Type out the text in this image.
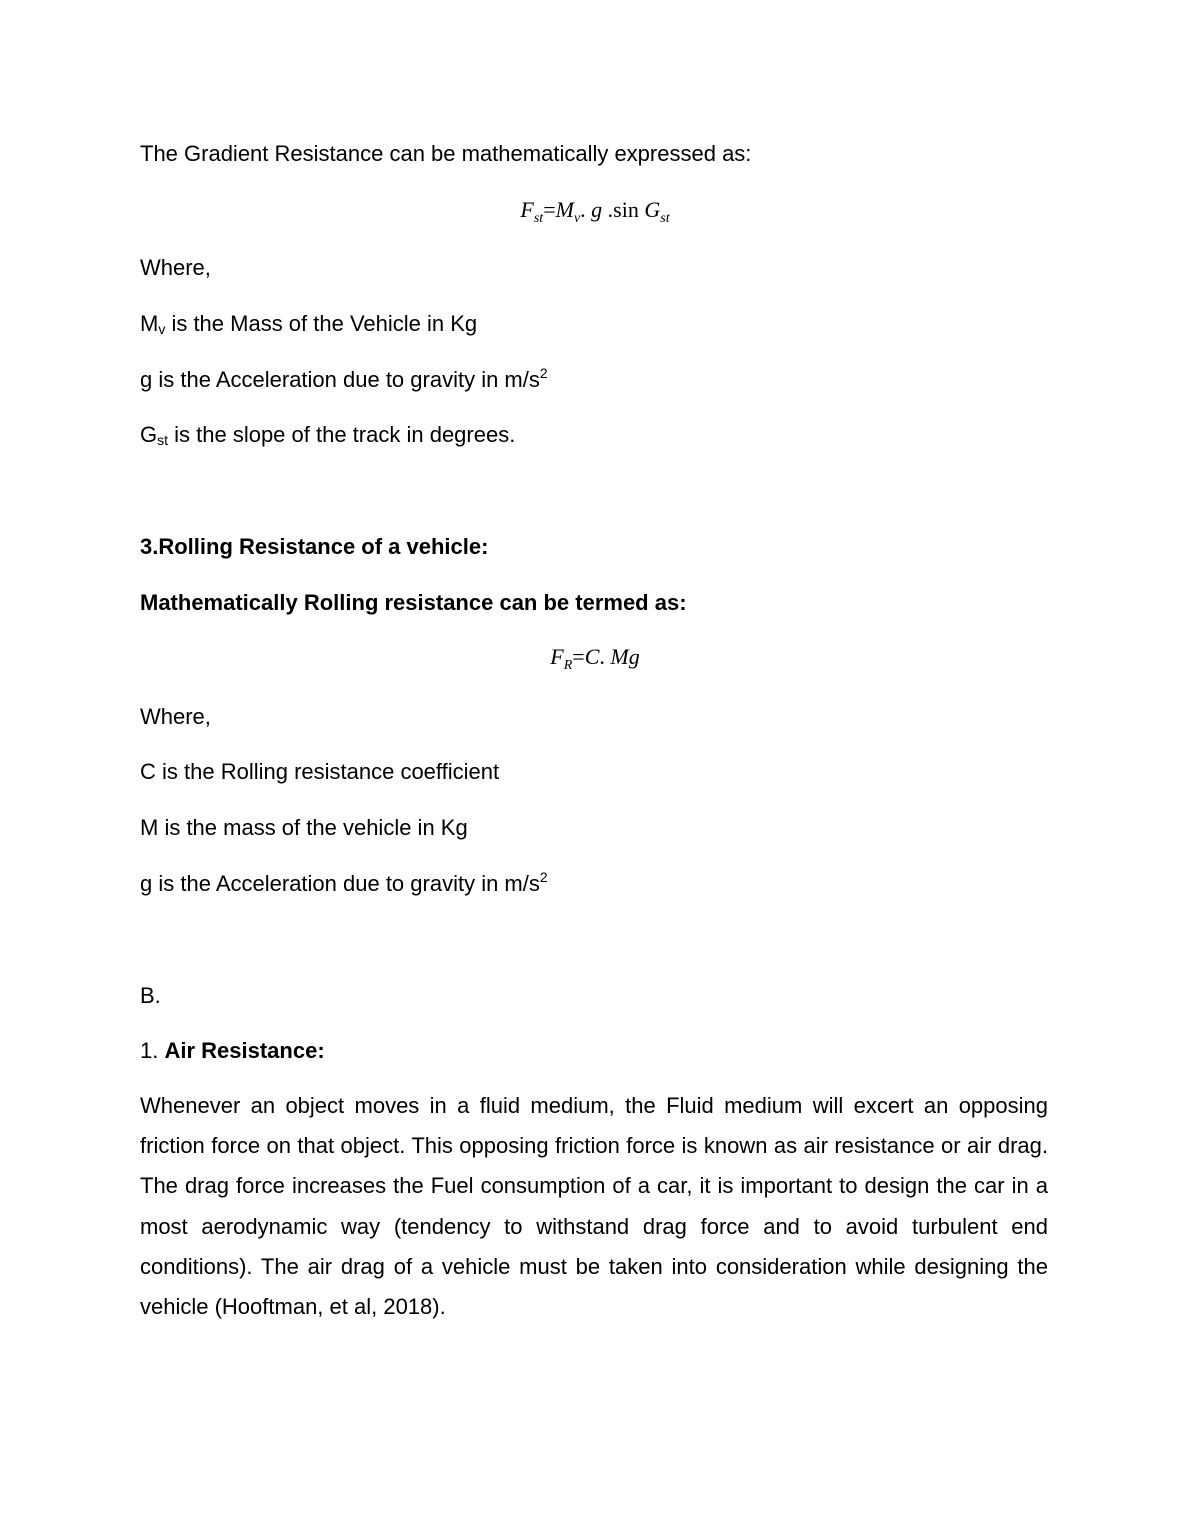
The Gradient Resistance can be mathematically expressed as:
$F_{st}=M_v$. g .sin $G_{st}$
Where,
$M_v$ is the Mass of the Vehicle in Kg
g is the Acceleration due to gravity in $m/s^2$
$G_{st}$ is the slope of the track in degrees.
3.Rolling Resistance of a vehicle:
Mathematically Rolling resistance can be termed as:
$F_R=C$. Mg
Where,
C is the Rolling resistance coefficient
M is the mass of the vehicle in Kg
g is the Acceleration due to gravity in $m/s^2$
B.
1. Air Resistance:
Whenever an object moves in a fluid medium, the Fluid medium will excert an opposing friction force on that object. This opposing friction force is known as air resistance or air drag. The drag force increases the Fuel consumption of a car, it is important to design the car in a most aerodynamic way (tendency to withstand drag force and to avoid turbulent end conditions). The air drag of a vehicle must be taken into consideration while designing the vehicle (Hooftman, et al, 2018).
